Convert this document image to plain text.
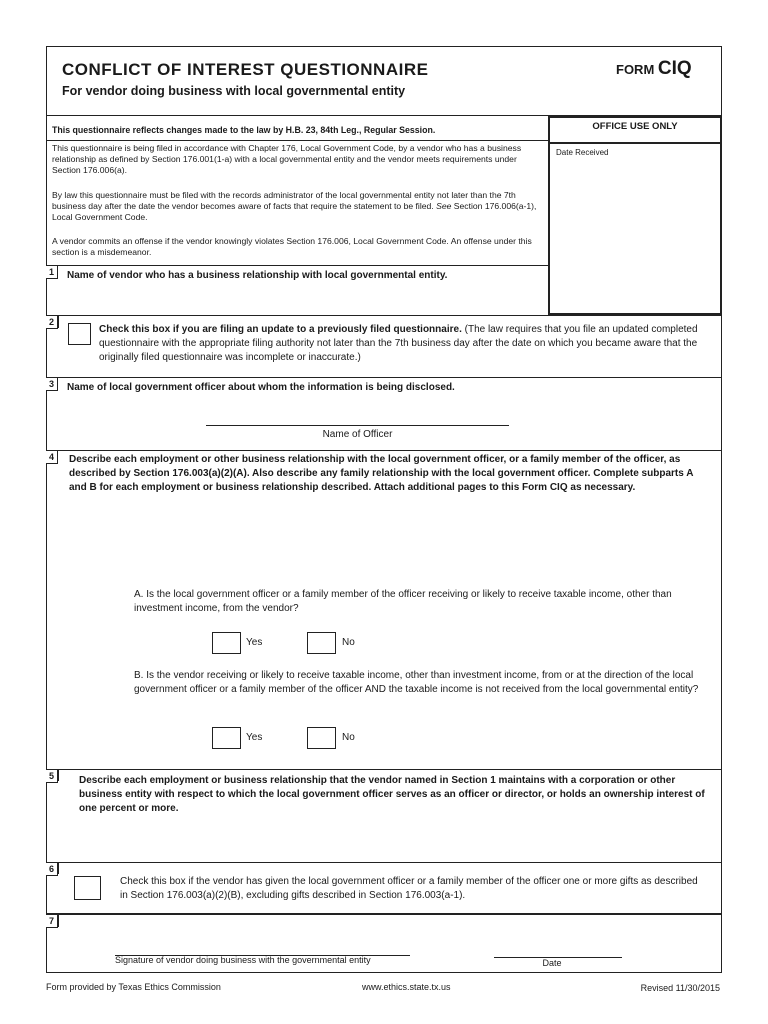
CONFLICT OF INTEREST QUESTIONNAIRE
For vendor doing business with local governmental entity
FORM CIQ
This questionnaire reflects changes made to the law by H.B. 23, 84th Leg., Regular Session.
This questionnaire is being filed in accordance with Chapter 176, Local Government Code, by a vendor who has a business relationship as defined by Section 176.001(1-a) with a local governmental entity and the vendor meets requirements under Section 176.006(a).
By law this questionnaire must be filed with the records administrator of the local governmental entity not later than the 7th business day after the date the vendor becomes aware of facts that require the statement to be filed. See Section 176.006(a-1), Local Government Code.
A vendor commits an offense if the vendor knowingly violates Section 176.006, Local Government Code. An offense under this section is a misdemeanor.
OFFICE USE ONLY
Date Received
1	Name of vendor who has a business relationship with local governmental entity.
2
Check this box if you are filing an update to a previously filed questionnaire. (The law requires that you file an updated completed questionnaire with the appropriate filing authority not later than the 7th business day after the date on which you became aware that the originally filed questionnaire was incomplete or inaccurate.)
3	Name of local government officer about whom the information is being disclosed.
Name of Officer
4	Describe each employment or other business relationship with the local government officer, or a family member of the officer, as described by Section 176.003(a)(2)(A). Also describe any family relationship with the local government officer. Complete subparts A and B for each employment or business relationship described. Attach additional pages to this Form CIQ as necessary.
A. Is the local government officer or a family member of the officer receiving or likely to receive taxable income, other than investment income, from the vendor?
Yes	No
B. Is the vendor receiving or likely to receive taxable income, other than investment income, from or at the direction of the local government officer or a family member of the officer AND the taxable income is not received from the local governmental entity?
Yes	No
5	Describe each employment or business relationship that the vendor named in Section 1 maintains with a corporation or other business entity with respect to which the local government officer serves as an officer or director, or holds an ownership interest of one percent or more.
6
Check this box if the vendor has given the local government officer or a family member of the officer one or more gifts as described in Section 176.003(a)(2)(B), excluding gifts described in Section 176.003(a-1).
7
Signature of vendor doing business with the governmental entity	Date
Form provided by Texas Ethics Commission	www.ethics.state.tx.us	Revised 11/30/2015
